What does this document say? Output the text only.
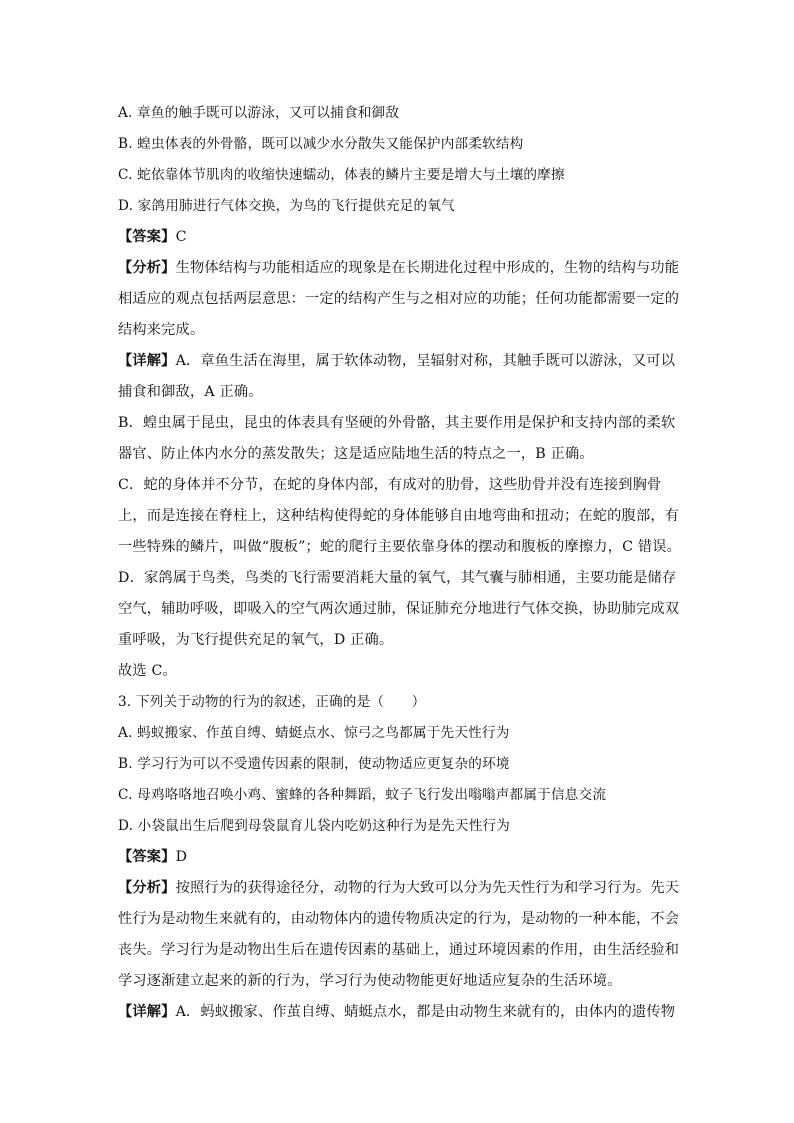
A. 章鱼的触手既可以游泳，又可以捕食和御敌
B. 蝗虫体表的外骨骼，既可以减少水分散失又能保护内部柔软结构
C. 蛇依靠体节肌肉的收缩快速蠕动，体表的鳞片主要是增大与土壤的摩擦
D. 家鸽用肺进行气体交换，为鸟的飞行提供充足的氧气
【答案】C
【分析】生物体结构与功能相适应的现象是在长期进化过程中形成的，生物的结构与功能
相适应的观点包括两层意思：一定的结构产生与之相对应的功能；任何功能都需要一定的
结构来完成。
【详解】A．章鱼生活在海里，属于软体动物，呈辐射对称，其触手既可以游泳，又可以
捕食和御敌，A 正确。
B．蝗虫属于昆虫，昆虫的体表具有坚硬的外骨骼，其主要作用是保护和支持内部的柔软
器官、防止体内水分的蒸发散失；这是适应陆地生活的特点之一，B 正确。
C．蛇的身体并不分节，在蛇的身体内部，有成对的肋骨，这些肋骨并没有连接到胸骨
上，而是连接在脊柱上，这种结构使得蛇的身体能够自由地弯曲和扭动；在蛇的腹部，有
一些特殊的鳞片，叫做“腹板”；蛇的爬行主要依靠身体的摆动和腹板的摩擦力，C 错误。
D．家鸽属于鸟类，鸟类的飞行需要消耗大量的氧气，其气囊与肺相通，主要功能是储存
空气，辅助呼吸，即吸入的空气两次通过肺，保证肺充分地进行气体交换，协助肺完成双
重呼吸，为飞行提供充足的氧气，D 正确。
故选 C。
3. 下列关于动物的行为的叙述，正确的是（　　）
A. 蚂蚁搬家、作茧自缚、蜻蜓点水、惊弓之鸟都属于先天性行为
B. 学习行为可以不受遗传因素的限制，使动物适应更复杂的环境
C. 母鸡咯咯地召唤小鸡、蜜蜂的各种舞蹈，蚊子飞行发出嗡嗡声都属于信息交流
D. 小袋鼠出生后爬到母袋鼠育儿袋内吃奶这种行为是先天性行为
【答案】D
【分析】按照行为的获得途径分，动物的行为大致可以分为先天性行为和学习行为。先天
性行为是动物生来就有的，由动物体内的遗传物质决定的行为，是动物的一种本能，不会
丧失。学习行为是动物出生后在遗传因素的基础上，通过环境因素的作用，由生活经验和
学习逐渐建立起来的新的行为，学习行为使动物能更好地适应复杂的生活环境。
【详解】A．蚂蚁搬家、作茧自缚、蜻蜓点水，都是由动物生来就有的，由体内的遗传物
